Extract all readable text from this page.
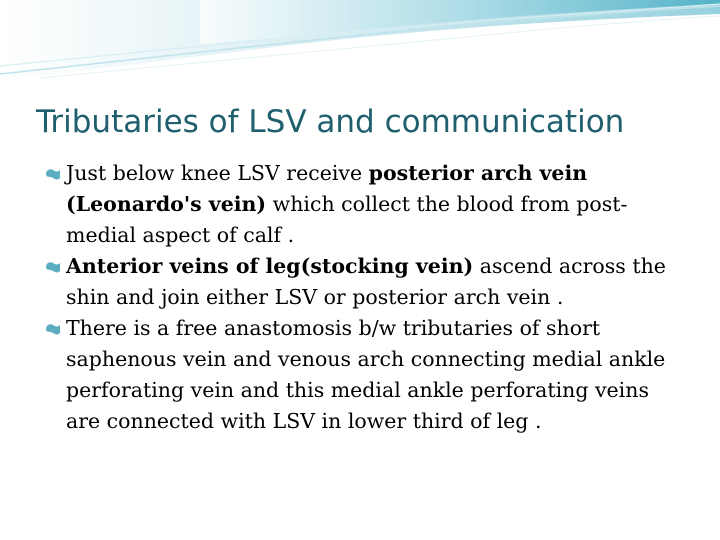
Tributaries of LSV and communication
Just below knee LSV receive posterior arch vein (Leonardo's vein) which collect the blood from post-medial aspect of calf .
Anterior veins of leg(stocking vein) ascend across the shin and join either LSV or posterior arch vein .
There is a free anastomosis b/w tributaries of short saphenous vein and venous arch connecting medial ankle perforating vein and this medial ankle perforating veins are connected with LSV in lower third of leg .
